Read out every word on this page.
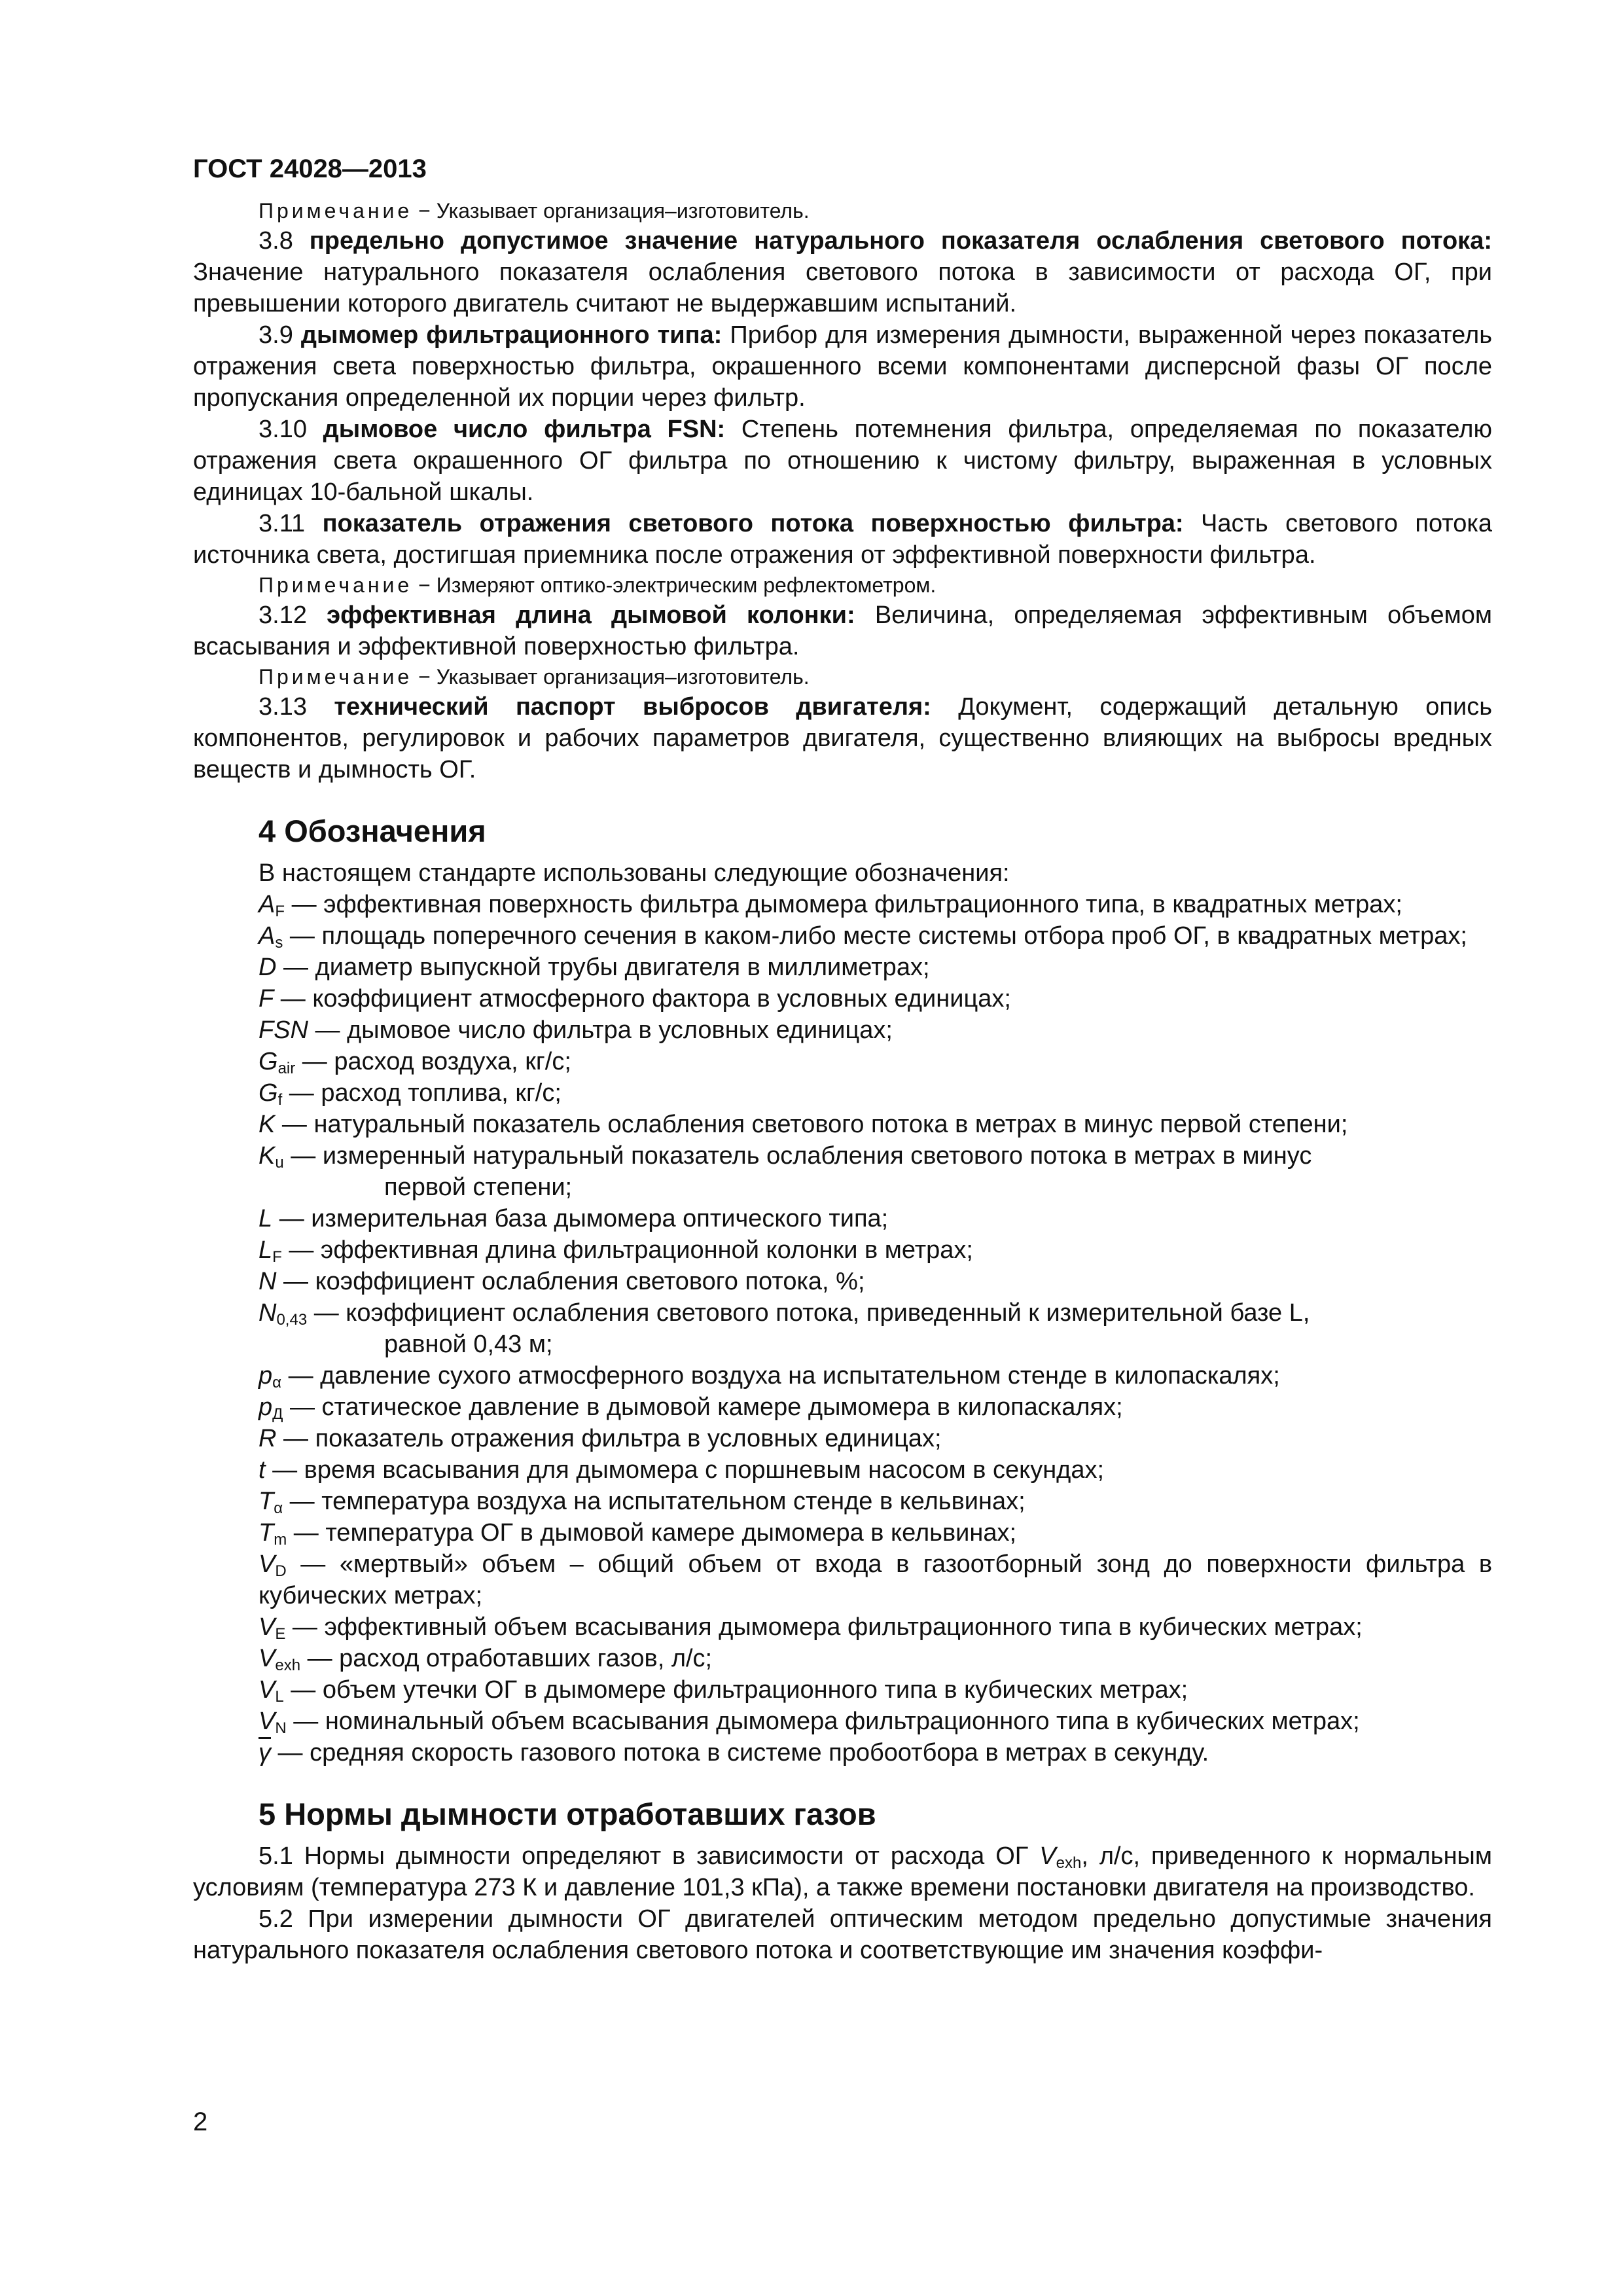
ГОСТ 24028—2013

Примечание − Указывает организация–изготовитель.

3.8 предельно допустимое значение натурального показателя ослабления светового потока: Значение натурального показателя ослабления светового потока в зависимости от расхода ОГ, при превышении которого двигатель считают не выдержавшим испытаний.

3.9 дымомер фильтрационного типа: Прибор для измерения дымности, выраженной через показатель отражения света поверхностью фильтра, окрашенного всеми компонентами дисперсной фазы ОГ после пропускания определенной их порции через фильтр.

3.10 дымовое число фильтра FSN: Степень потемнения фильтра, определяемая по показателю отражения света окрашенного ОГ фильтра по отношению к чистому фильтру, выраженная в условных единицах 10-бальной шкалы.

3.11 показатель отражения светового потока поверхностью фильтра: Часть светового потока источника света, достигшая приемника после отражения от эффективной поверхности фильтра.

Примечание − Измеряют оптико-электрическим рефлектометром.

3.12 эффективная длина дымовой колонки: Величина, определяемая эффективным объемом всасывания и эффективной поверхностью фильтра.

Примечание − Указывает организация–изготовитель.

3.13 технический паспорт выбросов двигателя: Документ, содержащий детальную опись компонентов, регулировок и рабочих параметров двигателя, существенно влияющих на выбросы вредных веществ и дымность ОГ.

4 Обозначения

В настоящем стандарте использованы следующие обозначения:

$A_F$ — эффективная поверхность фильтра дымомера фильтрационного типа, в квадратных метрах;

$A_s$ — площадь поперечного сечения в каком-либо месте системы отбора проб ОГ, в квадратных метрах;

D — диаметр выпускной трубы двигателя в миллиметрах;

F — коэффициент атмосферного фактора в условных единицах;

FSN — дымовое число фильтра в условных единицах;

$G_{air}$ — расход воздуха, кг/с;

$G_f$ — расход топлива, кг/с;

K — натуральный показатель ослабления светового потока в метрах в минус первой степени;

$K_u$ — измеренный натуральный показатель ослабления светового потока в метрах в минус

первой степени;

L — измерительная база дымомера оптического типа;

$L_F$ — эффективная длина фильтрационной колонки в метрах;

N — коэффициент ослабления светового потока, %;

$N_{0,43}$ — коэффициент ослабления светового потока, приведенный к измерительной базе L,

равной 0,43 м;

$p_\alpha$ — давление сухого атмосферного воздуха на испытательном стенде в килопаскалях;

$p_Д$ — статическое давление в дымовой камере дымомера в килопаскалях;

R — показатель отражения фильтра в условных единицах;

t — время всасывания для дымомера с поршневым насосом в секундах;

$T_\alpha$ — температура воздуха на испытательном стенде в кельвинах;

$T_m$ — температура ОГ в дымовой камере дымомера в кельвинах;

$V_D$ — «мертвый» объем – общий объем от входа в газоотборный зонд до поверхности фильтра в кубических метрах;

$V_E$ — эффективный объем всасывания дымомера фильтрационного типа в кубических метрах;

$V_{exh}$ — расход отработавших газов, л/с;

$V_L$ — объем утечки ОГ в дымомере фильтрационного типа в кубических метрах;

$V_N$ — номинальный объем всасывания дымомера фильтрационного типа в кубических метрах;

$\overline{\gamma}$ — средняя скорость газового потока в системе пробоотбора в метрах в секунду.

5 Нормы дымности отработавших газов

5.1 Нормы дымности определяют в зависимости от расхода ОГ $V_{exh}$, л/с, приведенного к нормальным условиям (температура 273 К и давление 101,3 кПа), а также времени постановки двигателя на производство.

5.2 При измерении дымности ОГ двигателей оптическим методом предельно допустимые значения натурального показателя ослабления светового потока и соответствующие им значения коэффи-

2
